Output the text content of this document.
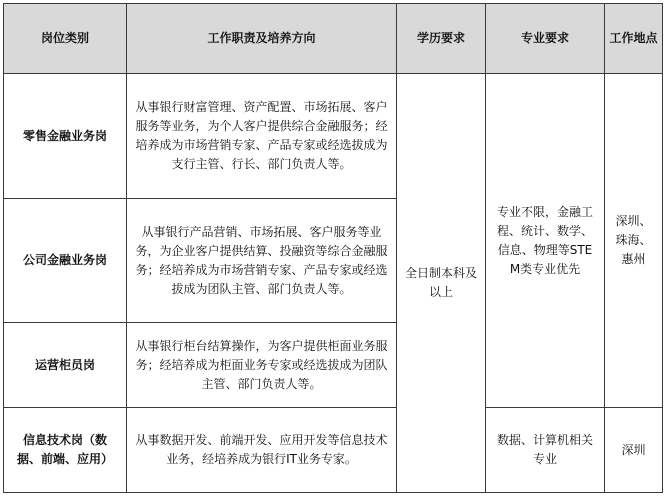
岗位类别	工作职责及培养方向	学历要求	专业要求	工作地点
零售金融业务岗	从事银行财富管理、资产配置、市场拓展、客户服务等业务，为个人客户提供综合金融服务；经培养成为市场营销专家、产品专家或经选拔成为支行主管、行长、部门负责人等。	全日制本科及以上	专业不限，金融工程、统计、数学、信息、物理等STEM类专业优先	深圳、珠海、惠州
公司金融业务岗	从事银行产品营销、市场拓展、客户服务等业务，为企业客户提供结算、投融资等综合金融服务；经培养成为市场营销专家、产品专家或经选拔成为团队主管、部门负责人等。			
运营柜员岗	从事银行柜台结算操作，为客户提供柜面业务服务；经培养成为柜面业务专家或经选拔成为团队主管、部门负责人等。			
信息技术岗（数据、前端、应用）	从事数据开发、前端开发、应用开发等信息技术业务，经培养成为银行IT业务专家。		数据、计算机相关专业	深圳
